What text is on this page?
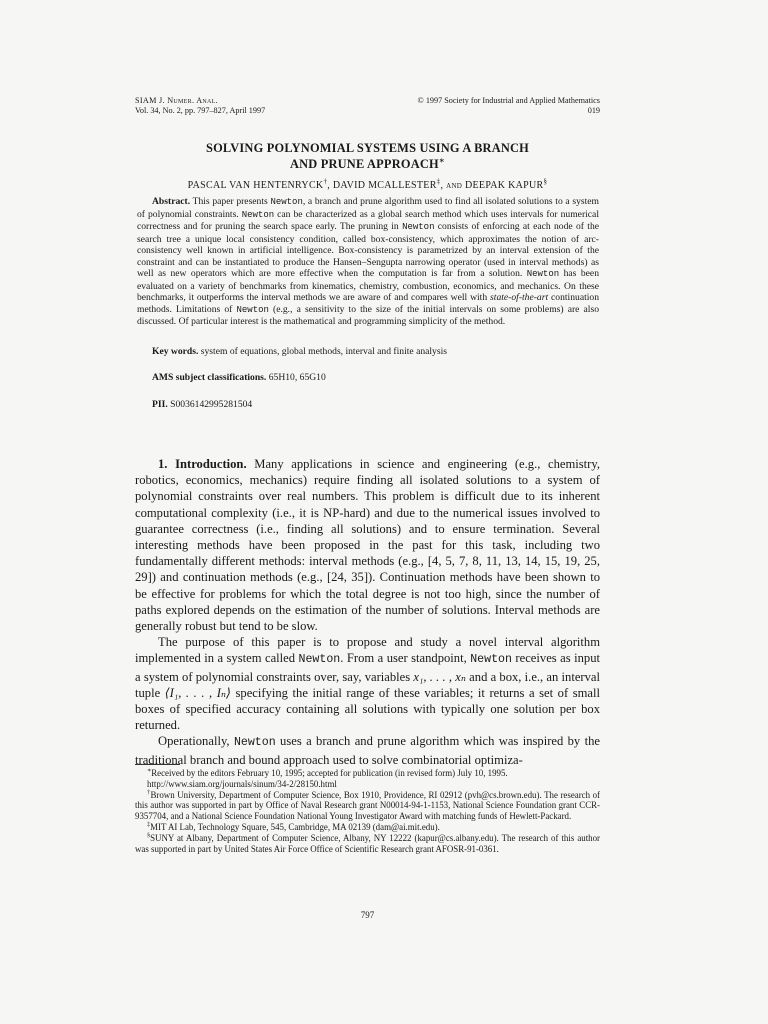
SIAM J. Numer. Anal.
Vol. 34, No. 2, pp. 797–827, April 1997
© 1997 Society for Industrial and Applied Mathematics
019
SOLVING POLYNOMIAL SYSTEMS USING A BRANCH
AND PRUNE APPROACH∗
PASCAL VAN HENTENRYCK†, DAVID MCALLESTER‡, and DEEPAK KAPUR§
Abstract. This paper presents Newton, a branch and prune algorithm used to find all isolated solutions to a system of polynomial constraints. Newton can be characterized as a global search method which uses intervals for numerical correctness and for pruning the search space early. The pruning in Newton consists of enforcing at each node of the search tree a unique local consistency condition, called box-consistency, which approximates the notion of arc-consistency well known in artificial intelligence. Box-consistency is parametrized by an interval extension of the constraint and can be instantiated to produce the Hansen–Sengupta narrowing operator (used in interval methods) as well as new operators which are more effective when the computation is far from a solution. Newton has been evaluated on a variety of benchmarks from kinematics, chemistry, combustion, economics, and mechanics. On these benchmarks, it outperforms the interval methods we are aware of and compares well with state-of-the-art continuation methods. Limitations of Newton (e.g., a sensitivity to the size of the initial intervals on some problems) are also discussed. Of particular interest is the mathematical and programming simplicity of the method.
Key words. system of equations, global methods, interval and finite analysis
AMS subject classifications. 65H10, 65G10
PII. S0036142995281504

1. Introduction. Many applications in science and engineering (e.g., chemistry, robotics, economics, mechanics) require finding all isolated solutions to a system of polynomial constraints over real numbers. This problem is difficult due to its inherent computational complexity (i.e., it is NP-hard) and due to the numerical issues involved to guarantee correctness (i.e., finding all solutions) and to ensure termination. Several interesting methods have been proposed in the past for this task, including two fundamentally different methods: interval methods (e.g., [4, 5, 7, 8, 11, 13, 14, 15, 19, 25, 29]) and continuation methods (e.g., [24, 35]). Continuation methods have been shown to be effective for problems for which the total degree is not too high, since the number of paths explored depends on the estimation of the number of solutions. Interval methods are generally robust but tend to be slow.

The purpose of this paper is to propose and study a novel interval algorithm implemented in a system called Newton. From a user standpoint, Newton receives as input a system of polynomial constraints over, say, variables x₁, . . . , xₙ and a box, i.e., an interval tuple ⟨I₁, . . . , Iₙ⟩ specifying the initial range of these variables; it returns a set of small boxes of specified accuracy containing all solutions with typically one solution per box returned.

Operationally, Newton uses a branch and prune algorithm which was inspired by the traditional branch and bound approach used to solve combinatorial optimiza-

∗Received by the editors February 10, 1995; accepted for publication (in revised form) July 10, 1995.

http://www.siam.org/journals/sinum/34-2/28150.html

†Brown University, Department of Computer Science, Box 1910, Providence, RI 02912 (pvh@cs.brown.edu). The research of this author was supported in part by Office of Naval Research grant N00014-94-1-1153, National Science Foundation grant CCR-9357704, and a National Science Foundation National Young Investigator Award with matching funds of Hewlett-Packard.

‡MIT AI Lab, Technology Square, 545, Cambridge, MA 02139 (dam@ai.mit.edu).

§SUNY at Albany, Department of Computer Science, Albany, NY 12222 (kapur@cs.albany.edu). The research of this author was supported in part by United States Air Force Office of Scientific Research grant AFOSR-91-0361.

797
